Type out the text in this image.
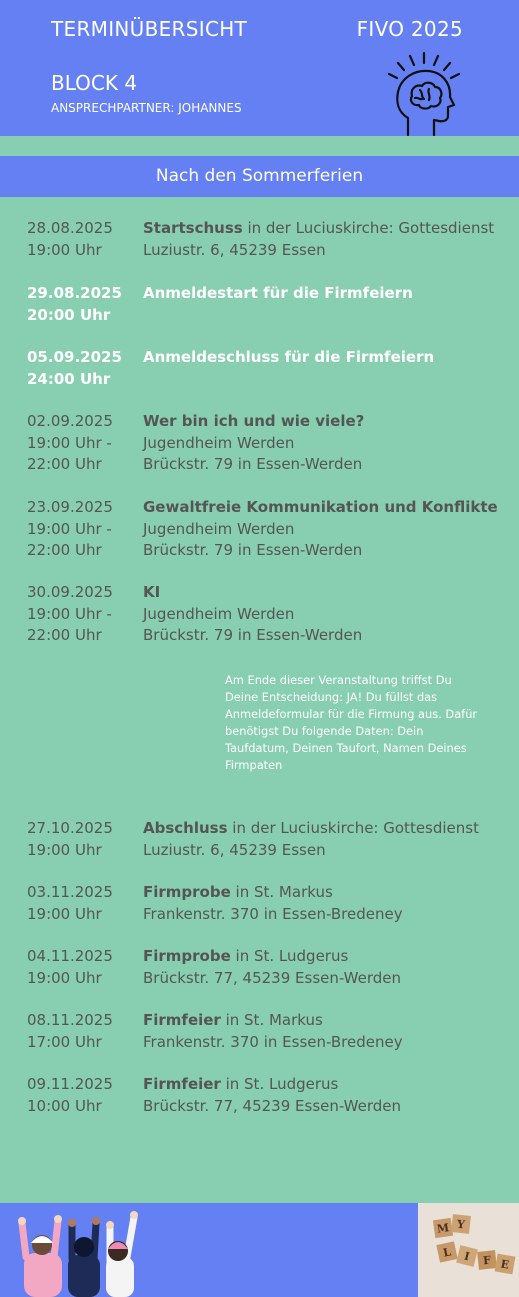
TERMINÜBERSICHT	FIVO 2025
BLOCK 4
ANSPRECHPARTNER: JOHANNES
Nach den Sommerferien
28.08.2025
19:00 Uhr
Startschuss in der Luciuskirche: Gottesdienst
Luziustr. 6, 45239 Essen
29.08.2025
20:00 Uhr
Anmeldestart für die Firmfeiern
05.09.2025
24:00 Uhr
Anmeldeschluss für die Firmfeiern
02.09.2025
19:00 Uhr -
22:00 Uhr
Wer bin ich und wie viele?
Jugendheim Werden
Brückstr. 79 in Essen-Werden
23.09.2025
19:00 Uhr -
22:00 Uhr
Gewaltfreie Kommunikation und Konflikte
Jugendheim Werden
Brückstr. 79 in Essen-Werden
30.09.2025
19:00 Uhr -
22:00 Uhr
KI
Jugendheim Werden
Brückstr. 79 in Essen-Werden
Am Ende dieser Veranstaltung triffst Du Deine Entscheidung: JA! Du füllst das Anmeldeformular für die Firmung aus. Dafür benötigst Du folgende Daten: Dein Taufdatum, Deinen Taufort, Namen Deines Firmpaten
27.10.2025
19:00 Uhr
Abschluss in der Luciuskirche: Gottesdienst
Luziustr. 6, 45239 Essen
03.11.2025
19:00 Uhr
Firmprobe in St. Markus
Frankenstr. 370 in Essen-Bredeney
04.11.2025
19:00 Uhr
Firmprobe in St. Ludgerus
Brückstr. 77, 45239 Essen-Werden
08.11.2025
17:00 Uhr
Firmfeier in St. Markus
Frankenstr. 370 in Essen-Bredeney
09.11.2025
10:00 Uhr
Firmfeier in St. Ludgerus
Brückstr. 77, 45239 Essen-Werden
M Y
L I F E
